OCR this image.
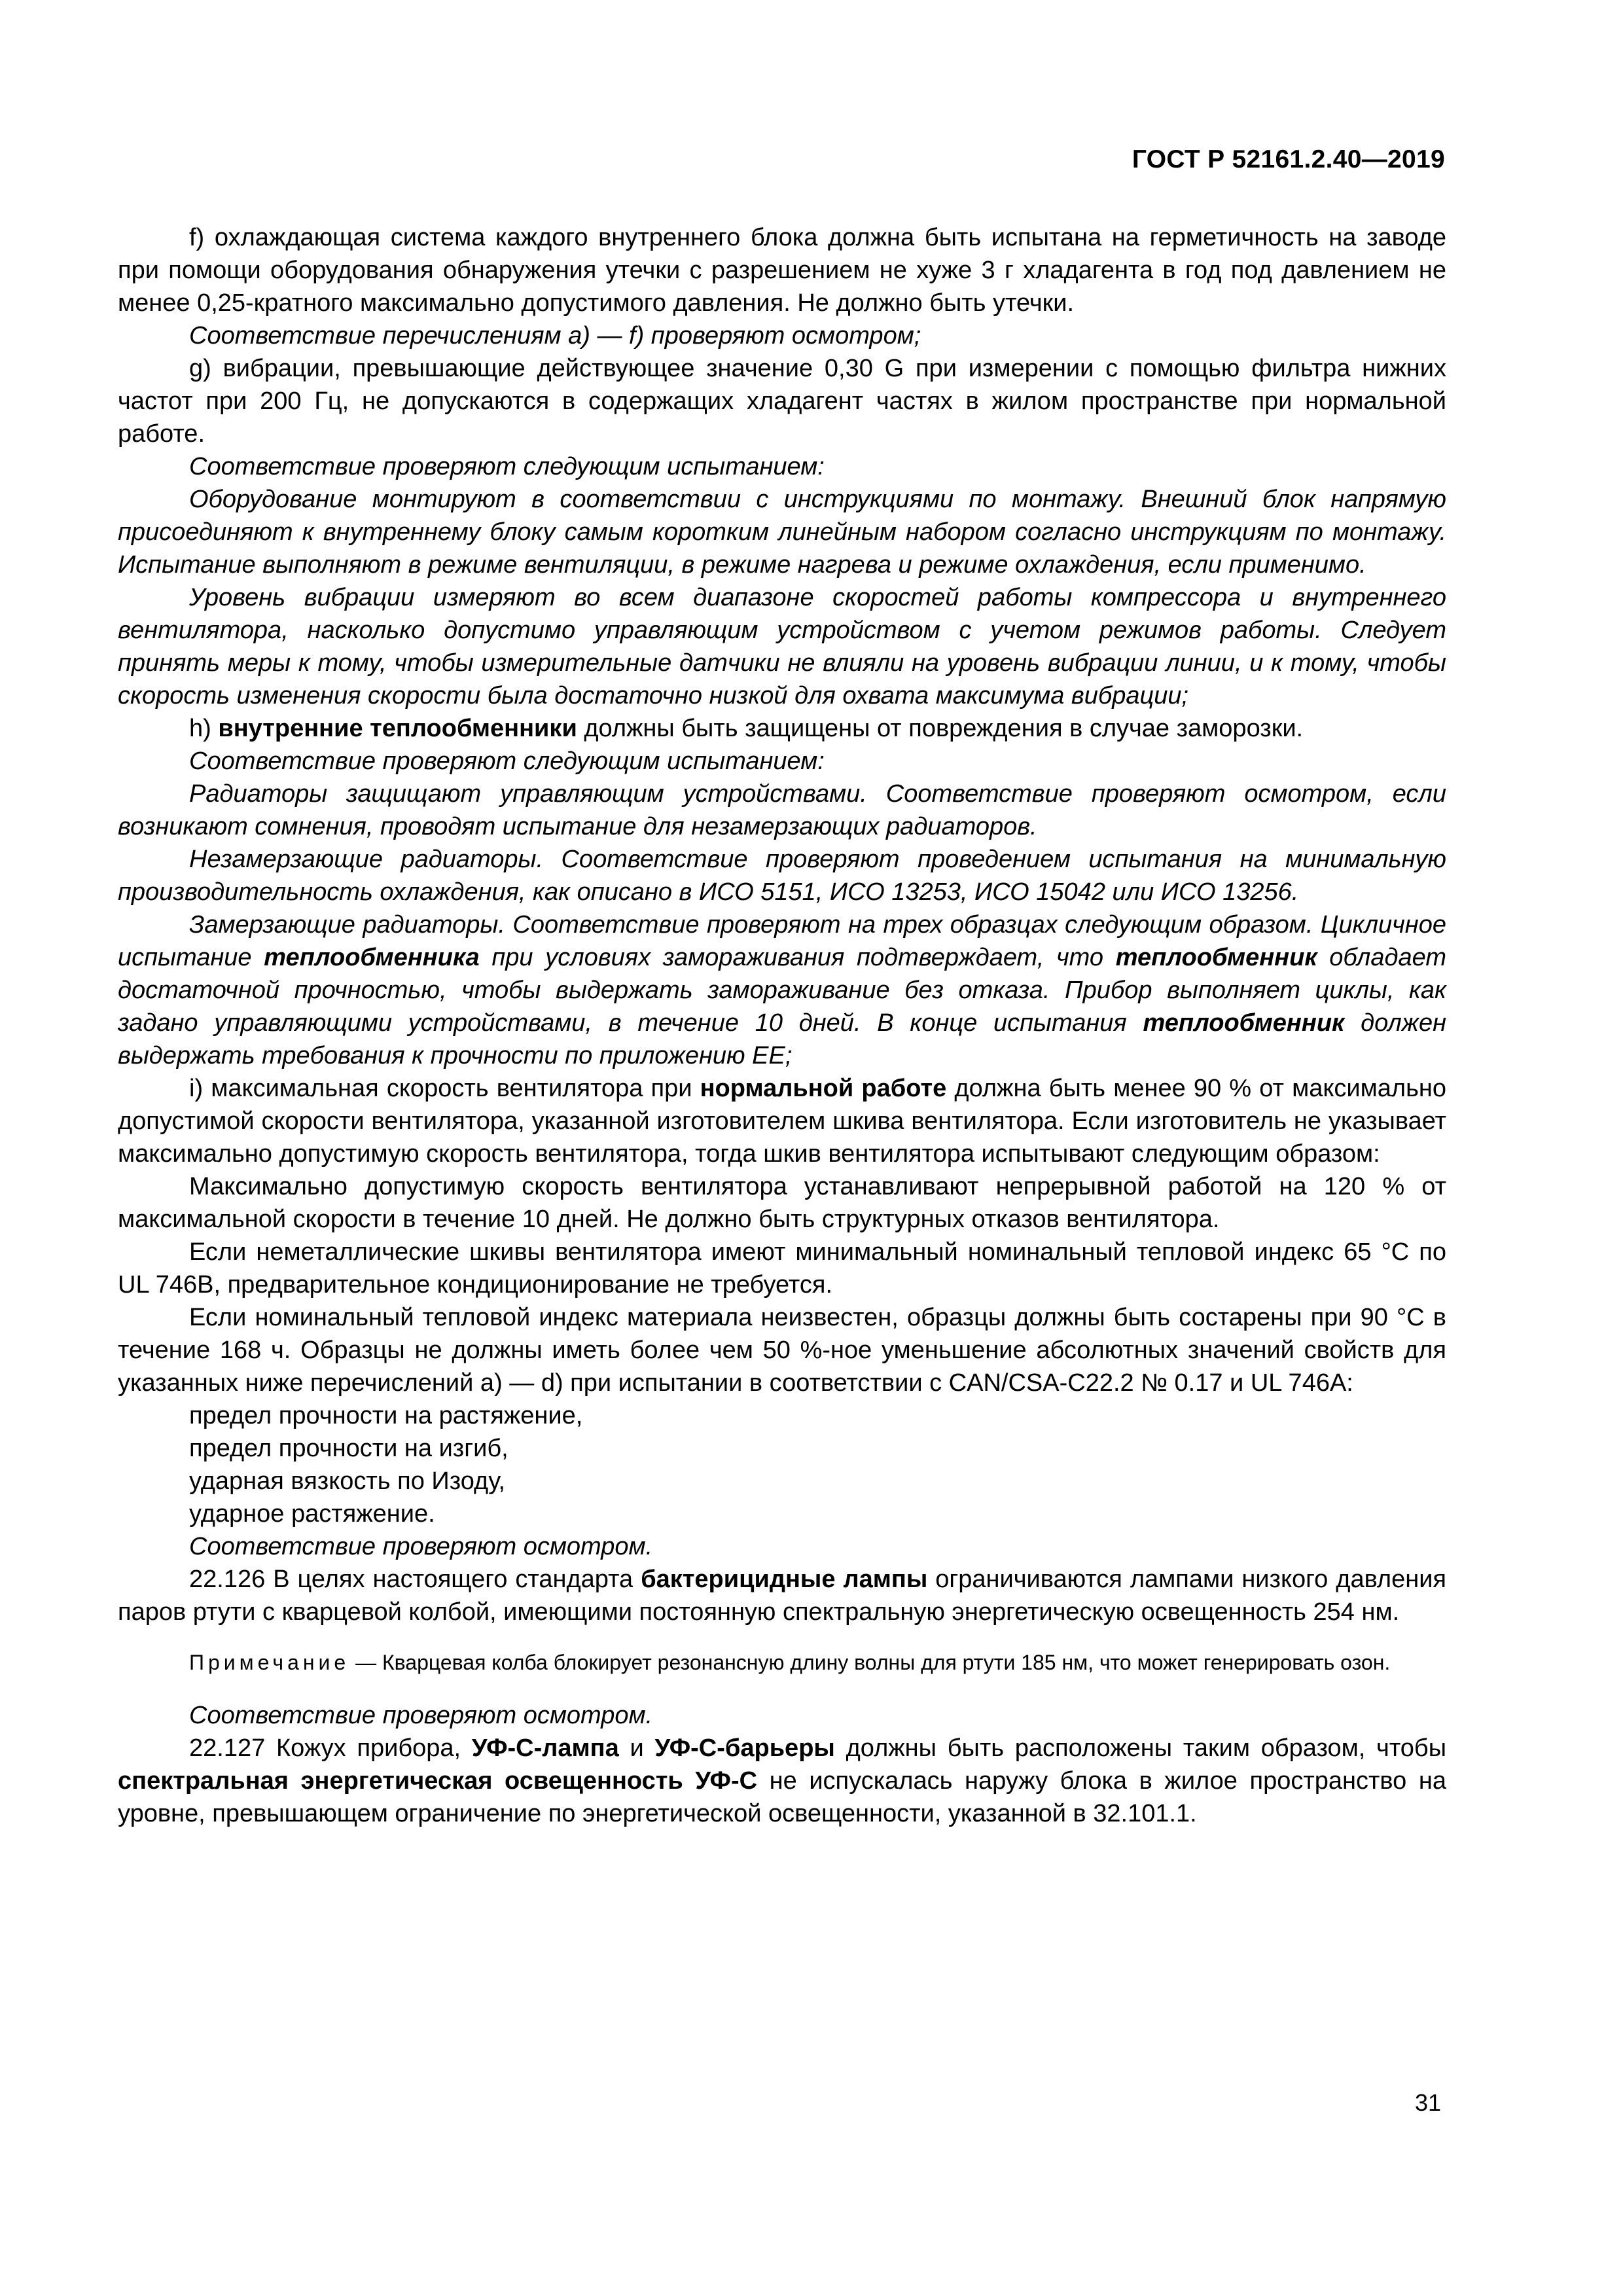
ГОСТ Р 52161.2.40—2019

f) охлаждающая система каждого внутреннего блока должна быть испытана на герметичность на заводе при помощи оборудования обнаружения утечки с разрешением не хуже 3 г хладагента в год под давлением не менее 0,25-кратного максимально допустимого давления. Не должно быть утечки.

Соответствие перечислениям а) — f) проверяют осмотром;

g) вибрации, превышающие действующее значение 0,30 G при измерении с помощью фильтра нижних частот при 200 Гц, не допускаются в содержащих хладагент частях в жилом пространстве при нормальной работе.

Соответствие проверяют следующим испытанием:

Оборудование монтируют в соответствии с инструкциями по монтажу. Внешний блок напрямую присоединяют к внутреннему блоку самым коротким линейным набором согласно инструкциям по монтажу. Испытание выполняют в режиме вентиляции, в режиме нагрева и режиме охлаждения, если применимо.

Уровень вибрации измеряют во всем диапазоне скоростей работы компрессора и внутреннего вентилятора, насколько допустимо управляющим устройством с учетом режимов работы. Следует принять меры к тому, чтобы измерительные датчики не влияли на уровень вибрации линии, и к тому, чтобы скорость изменения скорости была достаточно низкой для охвата максимума вибрации;

h) внутренние теплообменники должны быть защищены от повреждения в случае заморозки.

Соответствие проверяют следующим испытанием:

Радиаторы защищают управляющим устройствами. Соответствие проверяют осмотром, если возникают сомнения, проводят испытание для незамерзающих радиаторов.

Незамерзающие радиаторы. Соответствие проверяют проведением испытания на минимальную производительность охлаждения, как описано в ИСО 5151, ИСО 13253, ИСО 15042 или ИСО 13256.

Замерзающие радиаторы. Соответствие проверяют на трех образцах следующим образом. Цикличное испытание теплообменника при условиях замораживания подтверждает, что теплообменник обладает достаточной прочностью, чтобы выдержать замораживание без отказа. Прибор выполняет циклы, как задано управляющими устройствами, в течение 10 дней. В конце испытания теплообменник должен выдержать требования к прочности по приложению ЕЕ;

i) максимальная скорость вентилятора при нормальной работе должна быть менее 90 % от максимально допустимой скорости вентилятора, указанной изготовителем шкива вентилятора. Если изготовитель не указывает максимально допустимую скорость вентилятора, тогда шкив вентилятора испытывают следующим образом:

Максимально допустимую скорость вентилятора устанавливают непрерывной работой на 120 % от максимальной скорости в течение 10 дней. Не должно быть структурных отказов вентилятора.

Если неметаллические шкивы вентилятора имеют минимальный номинальный тепловой индекс 65 °С по UL 746В, предварительное кондиционирование не требуется.

Если номинальный тепловой индекс материала неизвестен, образцы должны быть состарены при 90 °С в течение 168 ч. Образцы не должны иметь более чем 50 %-ное уменьшение абсолютных значений свойств для указанных ниже перечислений а) — d) при испытании в соответствии с CAN/CSA-C22.2 № 0.17 и UL 746A:

предел прочности на растяжение,

предел прочности на изгиб,

ударная вязкость по Изоду,

ударное растяжение.

Соответствие проверяют осмотром.

22.126 В целях настоящего стандарта бактерицидные лампы ограничиваются лампами низкого давления паров ртути с кварцевой колбой, имеющими постоянную спектральную энергетическую освещенность 254 нм.

Примечание — Кварцевая колба блокирует резонансную длину волны для ртути 185 нм, что может генерировать озон.

Соответствие проверяют осмотром.

22.127 Кожух прибора, УФ-С-лампа и УФ-С-барьеры должны быть расположены таким образом, чтобы спектральная энергетическая освещенность УФ-С не испускалась наружу блока в жилое пространство на уровне, превышающем ограничение по энергетической освещенности, указанной в 32.101.1.

31
